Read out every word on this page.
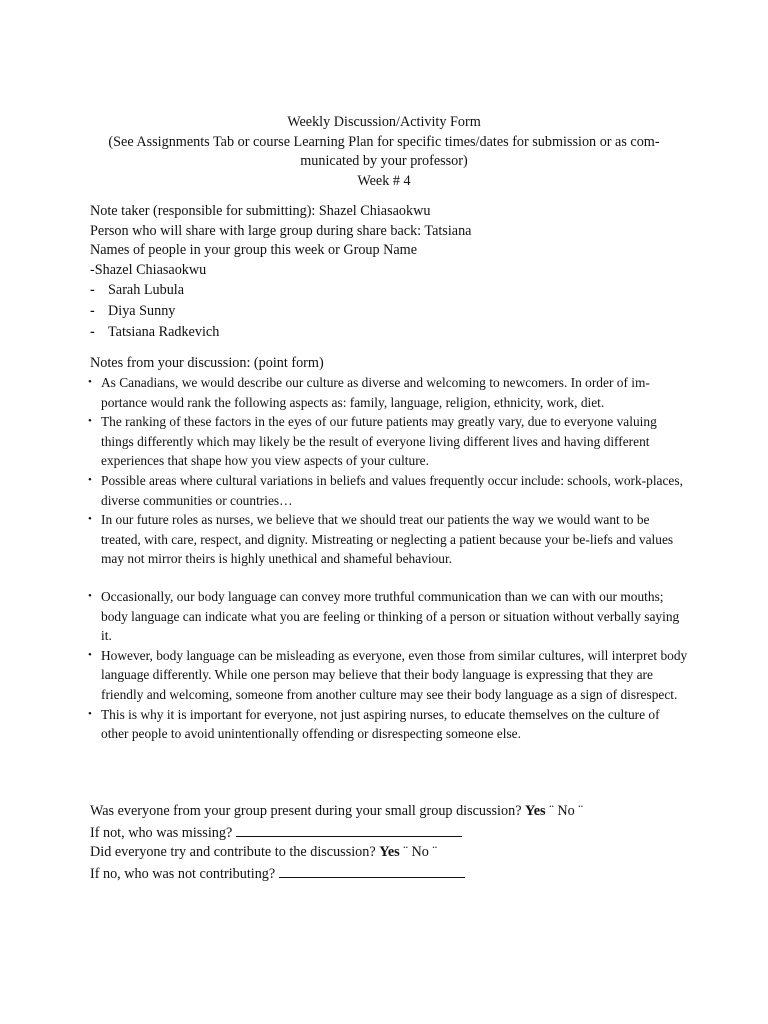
Weekly Discussion/Activity Form
(See Assignments Tab or course Learning Plan for specific times/dates for submission or as com-municated by your professor)
Week # 4
Note taker (responsible for submitting): Shazel Chiasaokwu
Person who will share with large group during share back: Tatsiana
Names of people in your group this week or Group Name
-Shazel Chiasaokwu
- Sarah Lubula
- Diya Sunny
- Tatsiana Radkevich
Notes from your discussion: (point form)
• As Canadians, we would describe our culture as diverse and welcoming to newcomers. In order of im-portance would rank the following aspects as: family, language, religion, ethnicity, work, diet.
• The ranking of these factors in the eyes of our future patients may greatly vary, due to everyone valuing things differently which may likely be the result of everyone living different lives and having different experiences that shape how you view aspects of your culture.
• Possible areas where cultural variations in beliefs and values frequently occur include: schools, work-places, diverse communities or countries…
• In our future roles as nurses, we believe that we should treat our patients the way we would want to be treated, with care, respect, and dignity. Mistreating or neglecting a patient because your be-liefs and values may not mirror theirs is highly unethical and shameful behaviour.
• Occasionally, our body language can convey more truthful communication than we can with our mouths; body language can indicate what you are feeling or thinking of a person or situation without verbally saying it.
• However, body language can be misleading as everyone, even those from similar cultures, will interpret body language differently. While one person may believe that their body language is expressing that they are friendly and welcoming, someone from another culture may see their body language as a sign of disrespect.
• This is why it is important for everyone, not just aspiring nurses, to educate themselves on the culture of other people to avoid unintentionally offending or disrespecting someone else.
Was everyone from your group present during your small group discussion? Yes ¨ No ¨
If not, who was missing?
Did everyone try and contribute to the discussion? Yes ¨ No ¨
If no, who was not contributing?
